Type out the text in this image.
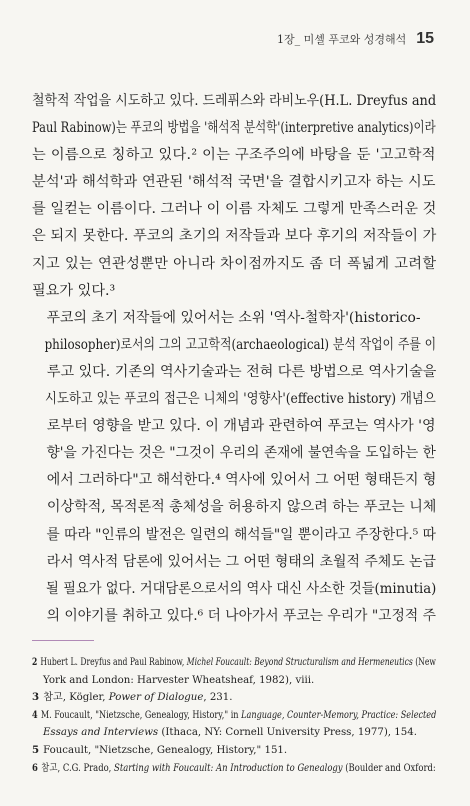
1장_ 미셸 푸코와 성경해석 15

철학적 작업을 시도하고 있다. 드레퓌스와 라비노우(H.L. Dreyfus and
Paul Rabinow)는 푸코의 방법을 '해석적 분석학'(interpretive analytics)이라
는 이름으로 칭하고 있다.² 이는 구조주의에 바탕을 둔 '고고학적
분석'과 해석학과 연관된 '해석적 국면'을 결합시키고자 하는 시도
를 일컫는 이름이다. 그러나 이 이름 자체도 그렇게 만족스러운 것
은 되지 못한다. 푸코의 초기의 저작들과 보다 후기의 저작들이 가
지고 있는 연관성뿐만 아니라 차이점까지도 좀 더 폭넓게 고려할
필요가 있다.³

푸코의 초기 저작들에 있어서는 소위 '역사-철학자'(historico-
philosopher)로서의 그의 고고학적(archaeological) 분석 작업이 주를 이
루고 있다. 기존의 역사기술과는 전혀 다른 방법으로 역사기술을
시도하고 있는 푸코의 접근은 니체의 '영향사'(effective history) 개념으
로부터 영향을 받고 있다. 이 개념과 관련하여 푸코는 역사가 '영
향'을 가진다는 것은 "그것이 우리의 존재에 불연속을 도입하는 한
에서 그러하다"고 해석한다.⁴ 역사에 있어서 그 어떤 형태든지 형
이상학적, 목적론적 총체성을 허용하지 않으려 하는 푸코는 니체
를 따라 "인류의 발전은 일련의 해석들"일 뿐이라고 주장한다.⁵ 따
라서 역사적 담론에 있어서는 그 어떤 형태의 초월적 주체도 논급
될 필요가 없다. 거대담론으로서의 역사 대신 사소한 것들(minutia)
의 이야기를 취하고 있다.⁶ 더 나아가서 푸코는 우리가 "고정적 주

2 Hubert L. Dreyfus and Paul Rabinow, Michel Foucault: Beyond Structuralism and Hermeneutics (New
York and London: Harvester Wheatsheaf, 1982), viii.
3 참고, Kögler, Power of Dialogue, 231.
4 M. Foucault, "Nietzsche, Genealogy, History," in Language, Counter-Memory, Practice: Selected
Essays and Interviews (Ithaca, NY: Cornell University Press, 1977), 154.
5 Foucault, "Nietzsche, Genealogy, History," 151.
6 참고, C.G. Prado, Starting with Foucault: An Introduction to Genealogy (Boulder and Oxford:
